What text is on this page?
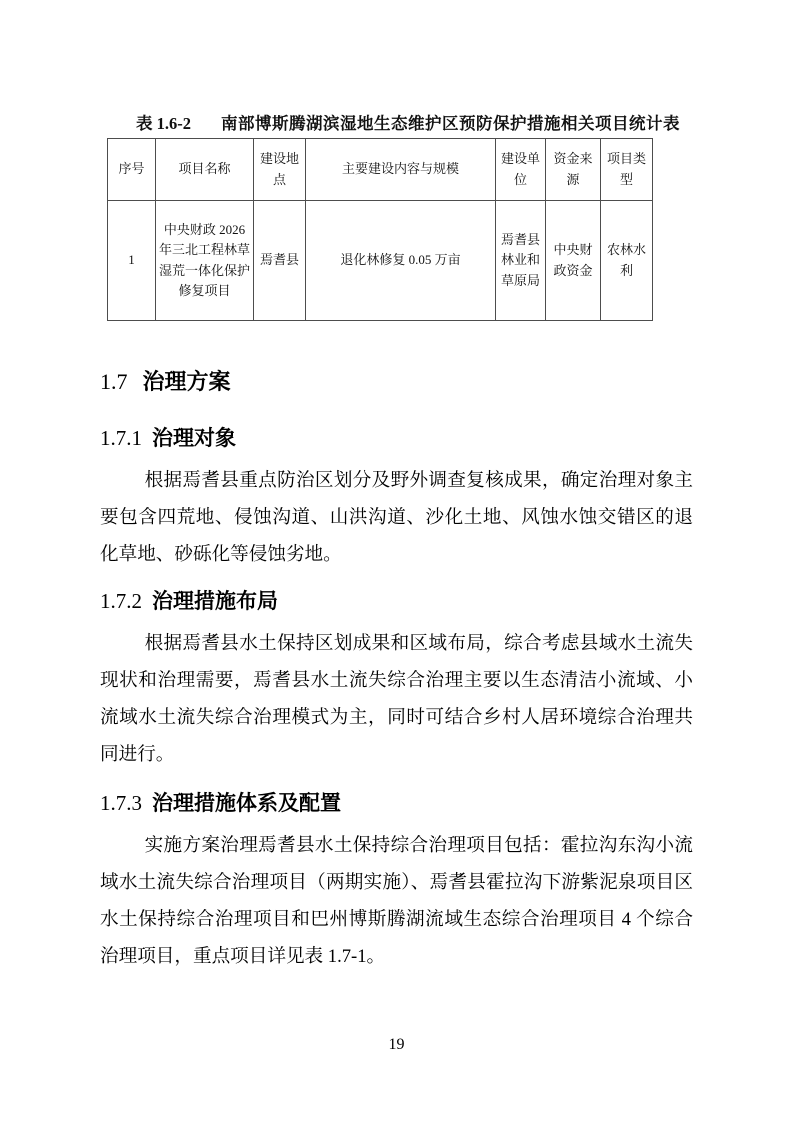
表 1.6-2 南部博斯腾湖滨湿地生态维护区预防保护措施相关项目统计表
序号	项目名称	建设地点	主要建设内容与规模	建设单位	资金来源	项目类型
1	中央财政 2026 年三北工程林草湿荒一体化保护修复项目	焉耆县	退化林修复 0.05 万亩	焉耆县林业和草原局	中央财政资金	农林水利
1.7 治理方案
1.7.1 治理对象

根据焉耆县重点防治区划分及野外调查复核成果，确定治理对象主要包含四荒地、侵蚀沟道、山洪沟道、沙化土地、风蚀水蚀交错区的退化草地、砂砾化等侵蚀劣地。

1.7.2 治理措施布局

根据焉耆县水土保持区划成果和区域布局，综合考虑县域水土流失现状和治理需要，焉耆县水土流失综合治理主要以生态清洁小流域、小流域水土流失综合治理模式为主，同时可结合乡村人居环境综合治理共同进行。

1.7.3 治理措施体系及配置

实施方案治理焉耆县水土保持综合治理项目包括：霍拉沟东沟小流域水土流失综合治理项目（两期实施）、焉耆县霍拉沟下游紫泥泉项目区水土保持综合治理项目和巴州博斯腾湖流域生态综合治理项目 4 个综合治理项目，重点项目详见表 1.7-1。

19
